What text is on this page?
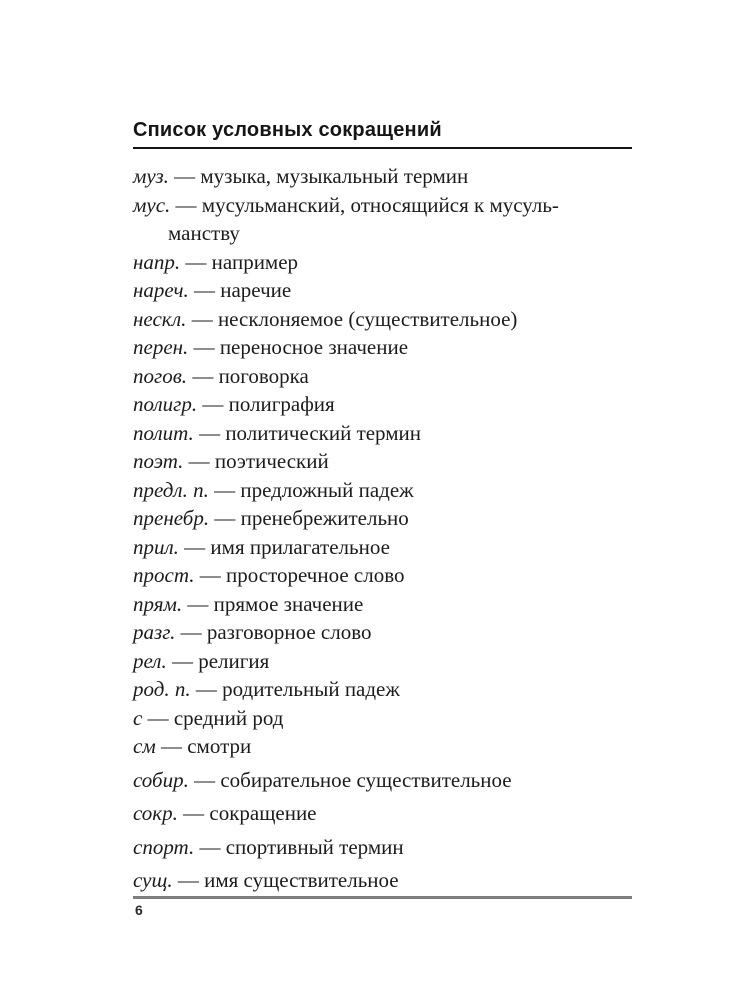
Список условных сокращений
муз. — музыка, музыкальный термин
мус. — мусульманский, относящийся к мусуль-
манству
напр. — например
нареч. — наречие
нескл. — несклоняемое (существительное)
перен. — переносное значение
погов. — поговорка
полигр. — полиграфия
полит. — политический термин
поэт. — поэтический
предл. п. — предложный падеж
пренебр. — пренебрежительно
прил. — имя прилагательное
прост. — просторечное слово
прям. — прямое значение
разг. — разговорное слово
рел. — религия
род. п. — родительный падеж
с — средний род
см — смотри
собир. — собирательное существительное
сокр. — сокращение
спорт. — спортивный термин
сущ. — имя существительное
6
